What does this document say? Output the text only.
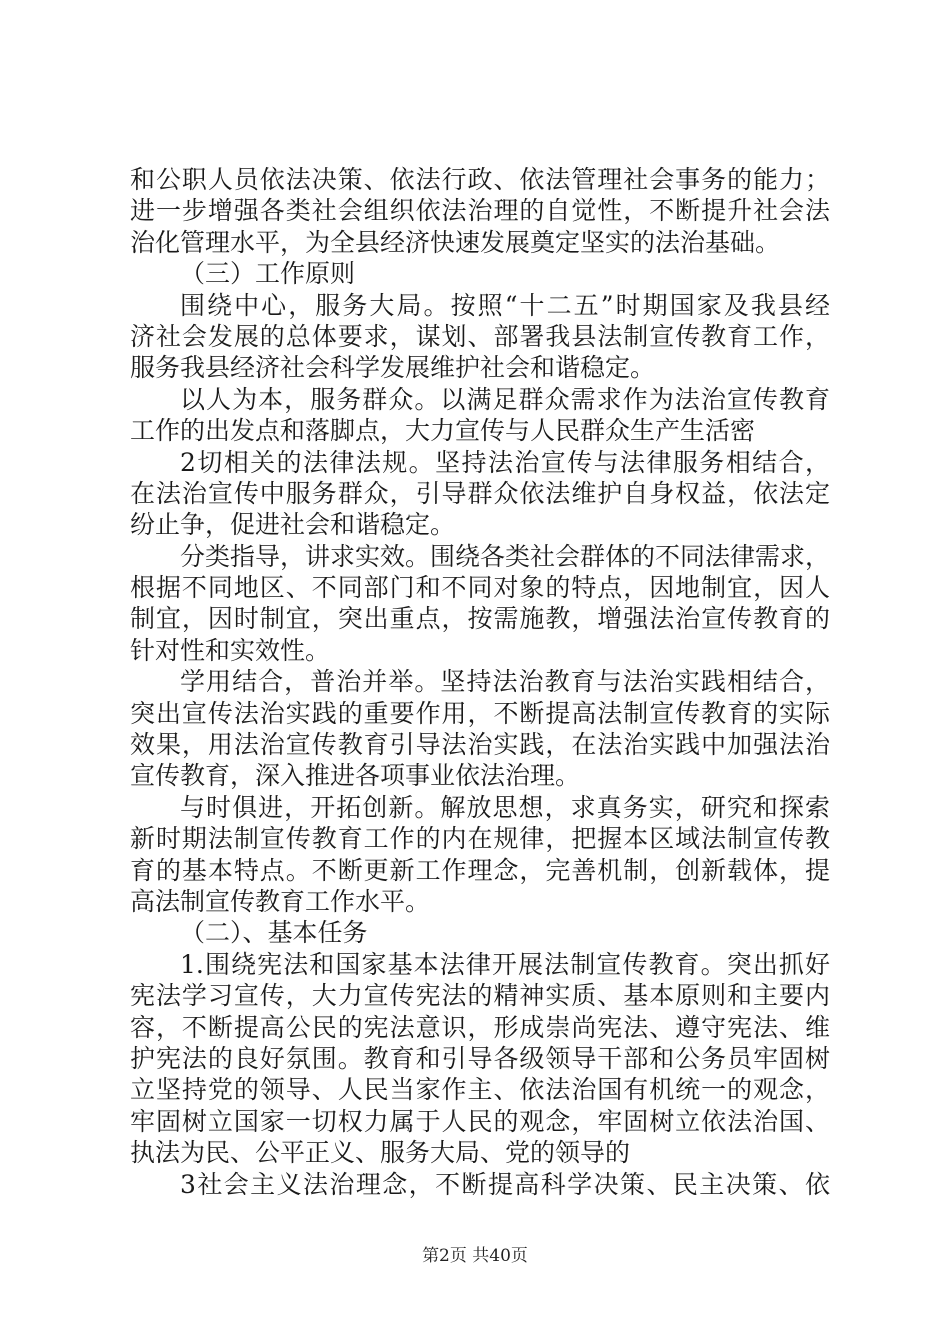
和公职人员依法决策、依法行政、依法管理社会事务的能力；
进一步增强各类社会组织依法治理的自觉性，不断提升社会法
治化管理水平，为全县经济快速发展奠定坚实的法治基础。
（三）工作原则
围绕中心，服务大局。按照“十二五”时期国家及我县经
济社会发展的总体要求，谋划、部署我县法制宣传教育工作，
服务我县经济社会科学发展维护社会和谐稳定。
以人为本，服务群众。以满足群众需求作为法治宣传教育
工作的出发点和落脚点，大力宣传与人民群众生产生活密
2切相关的法律法规。坚持法治宣传与法律服务相结合，
在法治宣传中服务群众，引导群众依法维护自身权益，依法定
纷止争，促进社会和谐稳定。
分类指导，讲求实效。围绕各类社会群体的不同法律需求，
根据不同地区、不同部门和不同对象的特点，因地制宜，因人
制宜，因时制宜，突出重点，按需施教，增强法治宣传教育的
针对性和实效性。
学用结合，普治并举。坚持法治教育与法治实践相结合，
突出宣传法治实践的重要作用，不断提高法制宣传教育的实际
效果，用法治宣传教育引导法治实践，在法治实践中加强法治
宣传教育，深入推进各项事业依法治理。
与时俱进，开拓创新。解放思想，求真务实，研究和探索
新时期法制宣传教育工作的内在规律，把握本区域法制宣传教
育的基本特点。不断更新工作理念，完善机制，创新载体，提
高法制宣传教育工作水平。
（二）、基本任务
1.围绕宪法和国家基本法律开展法制宣传教育。突出抓好
宪法学习宣传，大力宣传宪法的精神实质、基本原则和主要内
容，不断提高公民的宪法意识，形成崇尚宪法、遵守宪法、维
护宪法的良好氛围。教育和引导各级领导干部和公务员牢固树
立坚持党的领导、人民当家作主、依法治国有机统一的观念，
牢固树立国家一切权力属于人民的观念，牢固树立依法治国、
执法为民、公平正义、服务大局、党的领导的
3社会主义法治理念，不断提高科学决策、民主决策、依
第2页 共40页
